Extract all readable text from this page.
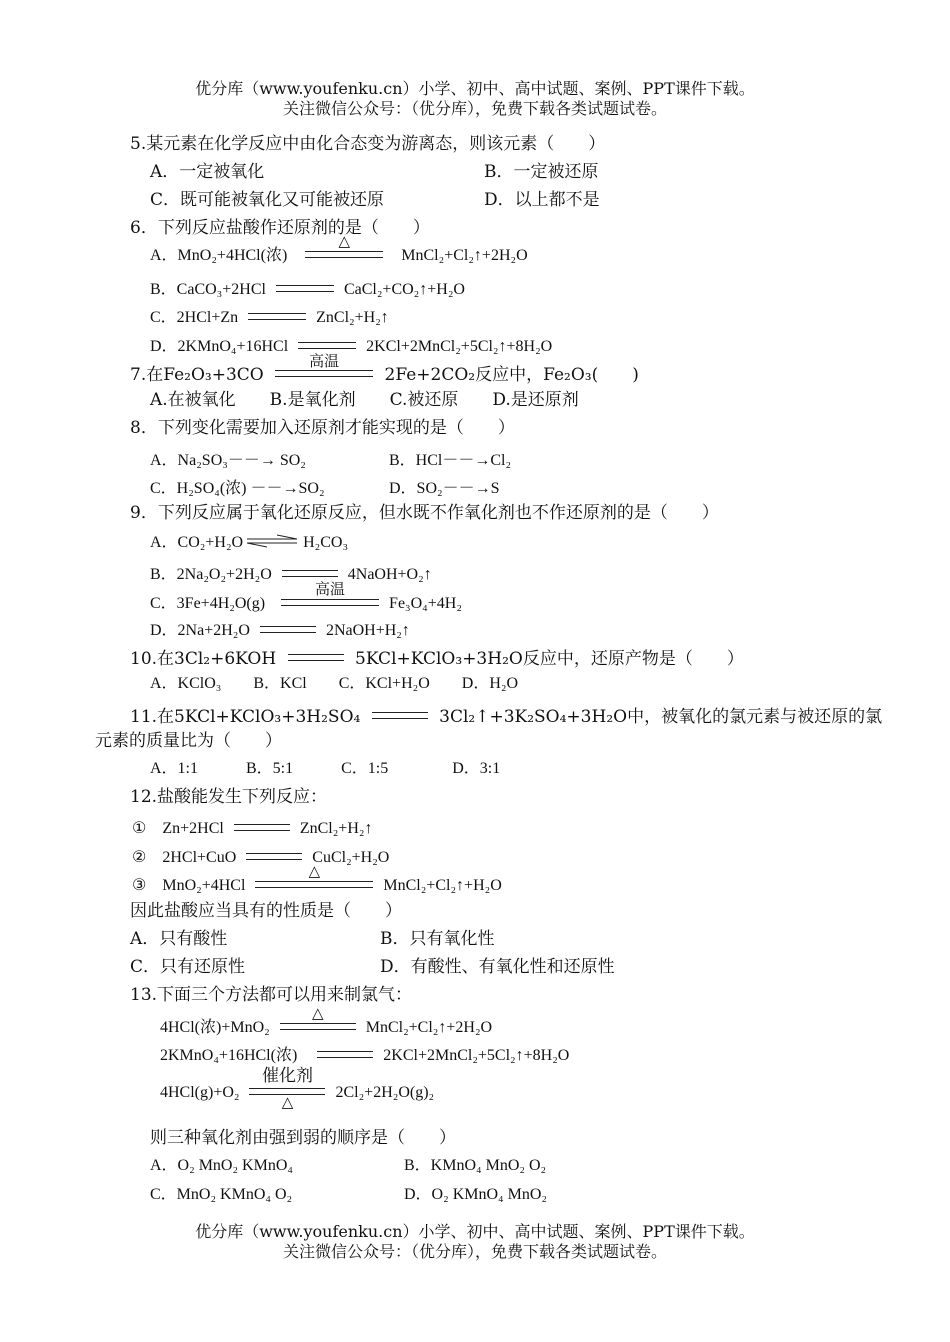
优分库（www.youfenku.cn）小学、初中、高中试题、案例、PPT课件下载。
关注微信公众号：（优分库），免费下载各类试题试卷。
5.某元素在化学反应中由化合态变为游离态，则该元素（　　）
A．一定被氧化	B．一定被还原
C．既可能被氧化又可能被还原	D．以上都不是
6．下列反应盐酸作还原剂的是（　　）
A．MnO₂+4HCl(浓)
△
MnCl₂+Cl₂↑+2H₂O
B．CaCO₃+2HCl	CaCl₂+CO₂↑+H₂O
C．2HCl+Zn	ZnCl₂+H₂↑
D．2KMnO₄+16HCl	2KCl+2MnCl₂+5Cl₂↑+8H₂O
7.在Fe₂O₃+3CO
高温
2Fe+2CO₂反应中，Fe₂O₃(　　)
A.在被氧化　　B.是氧化剂　　C.被还原　　D.是还原剂
8．下列变化需要加入还原剂才能实现的是（　　）
A．Na₂SO₃－－→ SO₂	B．HCl－－→Cl₂
C．H₂SO₄(浓) －－→SO₂	D．SO₂－－→S
9．下列反应属于氧化还原反应，但水既不作氧化剂也不作还原剂的是（　　）
A．CO₂+H₂O	H₂CO₃
B．2Na₂O₂+2H₂O	4NaOH+O₂↑
C．3Fe+4H₂O(g)
高温
Fe₃O₄+4H₂
D．2Na+2H₂O	2NaOH+H₂↑
10.在3Cl₂+6KOH	5KCl+KClO₃+3H₂O反应中，还原产物是（　　）
A．KClO₃　　B．KCl　　C．KCl+H₂O　　D．H₂O
11.在5KCl+KClO₃+3H₂SO₄	3Cl₂↑+3K₂SO₄+3H₂O中，被氧化的氯元素与被还原的氯
元素的质量比为（　　）
A．1:1　　　B．5:1　　　C．1:5　　　　D．3:1
12.盐酸能发生下列反应：
①　Zn+2HCl	ZnCl₂+H₂↑
②　2HCl+CuO	CuCl₂+H₂O
③　MnO₂+4HCl
△
MnCl₂+Cl₂↑+H₂O
因此盐酸应当具有的性质是（　　）
A．只有酸性	B．只有氧化性
C．只有还原性	D．有酸性、有氧化性和还原性
13.下面三个方法都可以用来制氯气：
4HCl(浓)+MnO₂
△
MnCl₂+Cl₂↑+2H₂O
2KMnO₄+16HCl(浓)	2KCl+2MnCl₂+5Cl₂↑+8H₂O
4HCl(g)+O₂
催化剂
△
2Cl₂+2H₂O(g)₂
则三种氧化剂由强到弱的顺序是（　　）
A．O₂ MnO₂ KMnO₄	B．KMnO₄ MnO₂ O₂
C．MnO₂ KMnO₄ O₂	D．O₂ KMnO₄ MnO₂
优分库（www.youfenku.cn）小学、初中、高中试题、案例、PPT课件下载。
关注微信公众号：（优分库），免费下载各类试题试卷。
